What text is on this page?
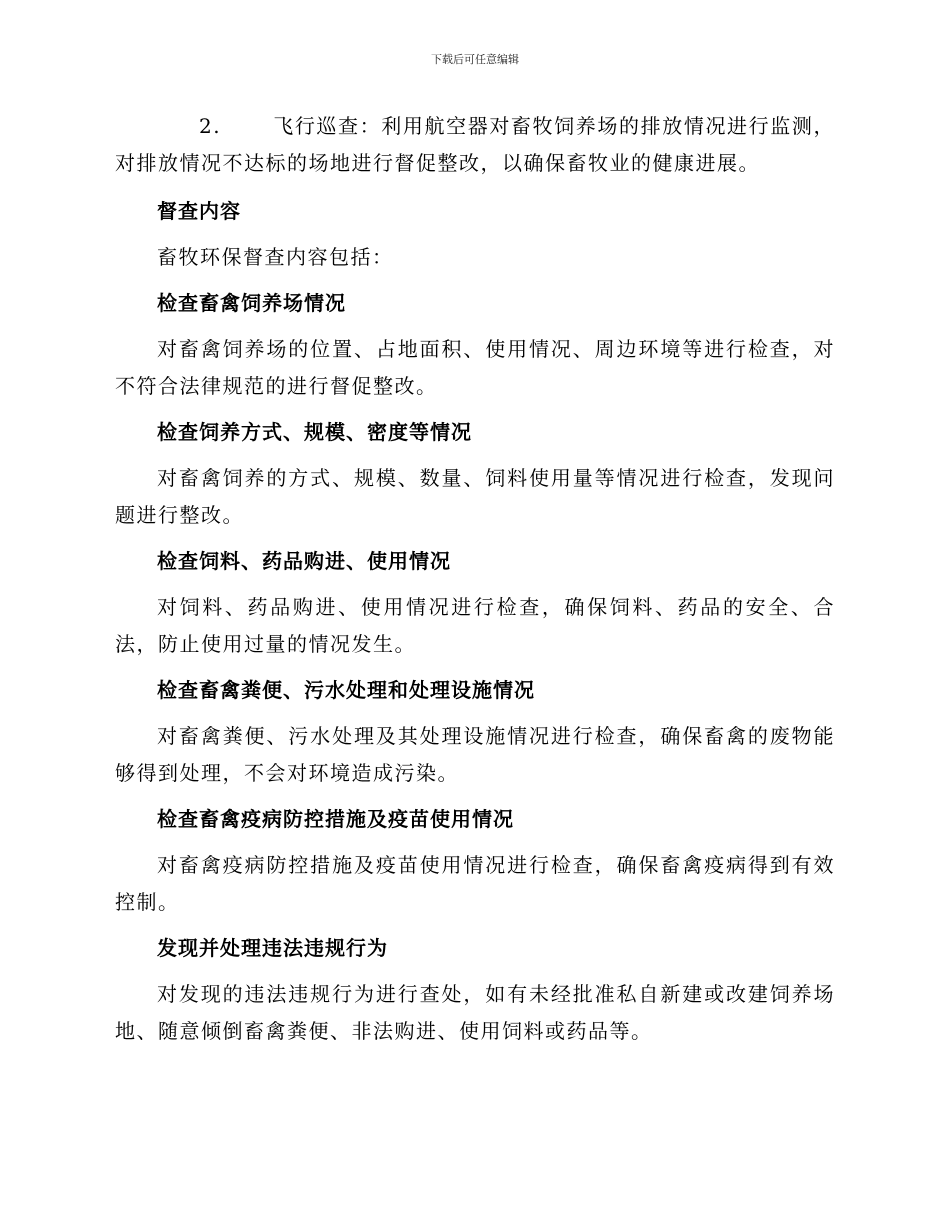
下载后可任意编辑

2.	飞行巡查：利用航空器对畜牧饲养场的排放情况进行监测，对排放情况不达标的场地进行督促整改，以确保畜牧业的健康进展。

督查内容

畜牧环保督查内容包括：

检查畜禽饲养场情况

对畜禽饲养场的位置、占地面积、使用情况、周边环境等进行检查，对不符合法律规范的进行督促整改。

检查饲养方式、规模、密度等情况

对畜禽饲养的方式、规模、数量、饲料使用量等情况进行检查，发现问题进行整改。

检查饲料、药品购进、使用情况

对饲料、药品购进、使用情况进行检查，确保饲料、药品的安全、合法，防止使用过量的情况发生。

检查畜禽粪便、污水处理和处理设施情况

对畜禽粪便、污水处理及其处理设施情况进行检查，确保畜禽的废物能够得到处理，不会对环境造成污染。

检查畜禽疫病防控措施及疫苗使用情况

对畜禽疫病防控措施及疫苗使用情况进行检查，确保畜禽疫病得到有效控制。

发现并处理违法违规行为

对发现的违法违规行为进行查处，如有未经批准私自新建或改建饲养场地、随意倾倒畜禽粪便、非法购进、使用饲料或药品等。
